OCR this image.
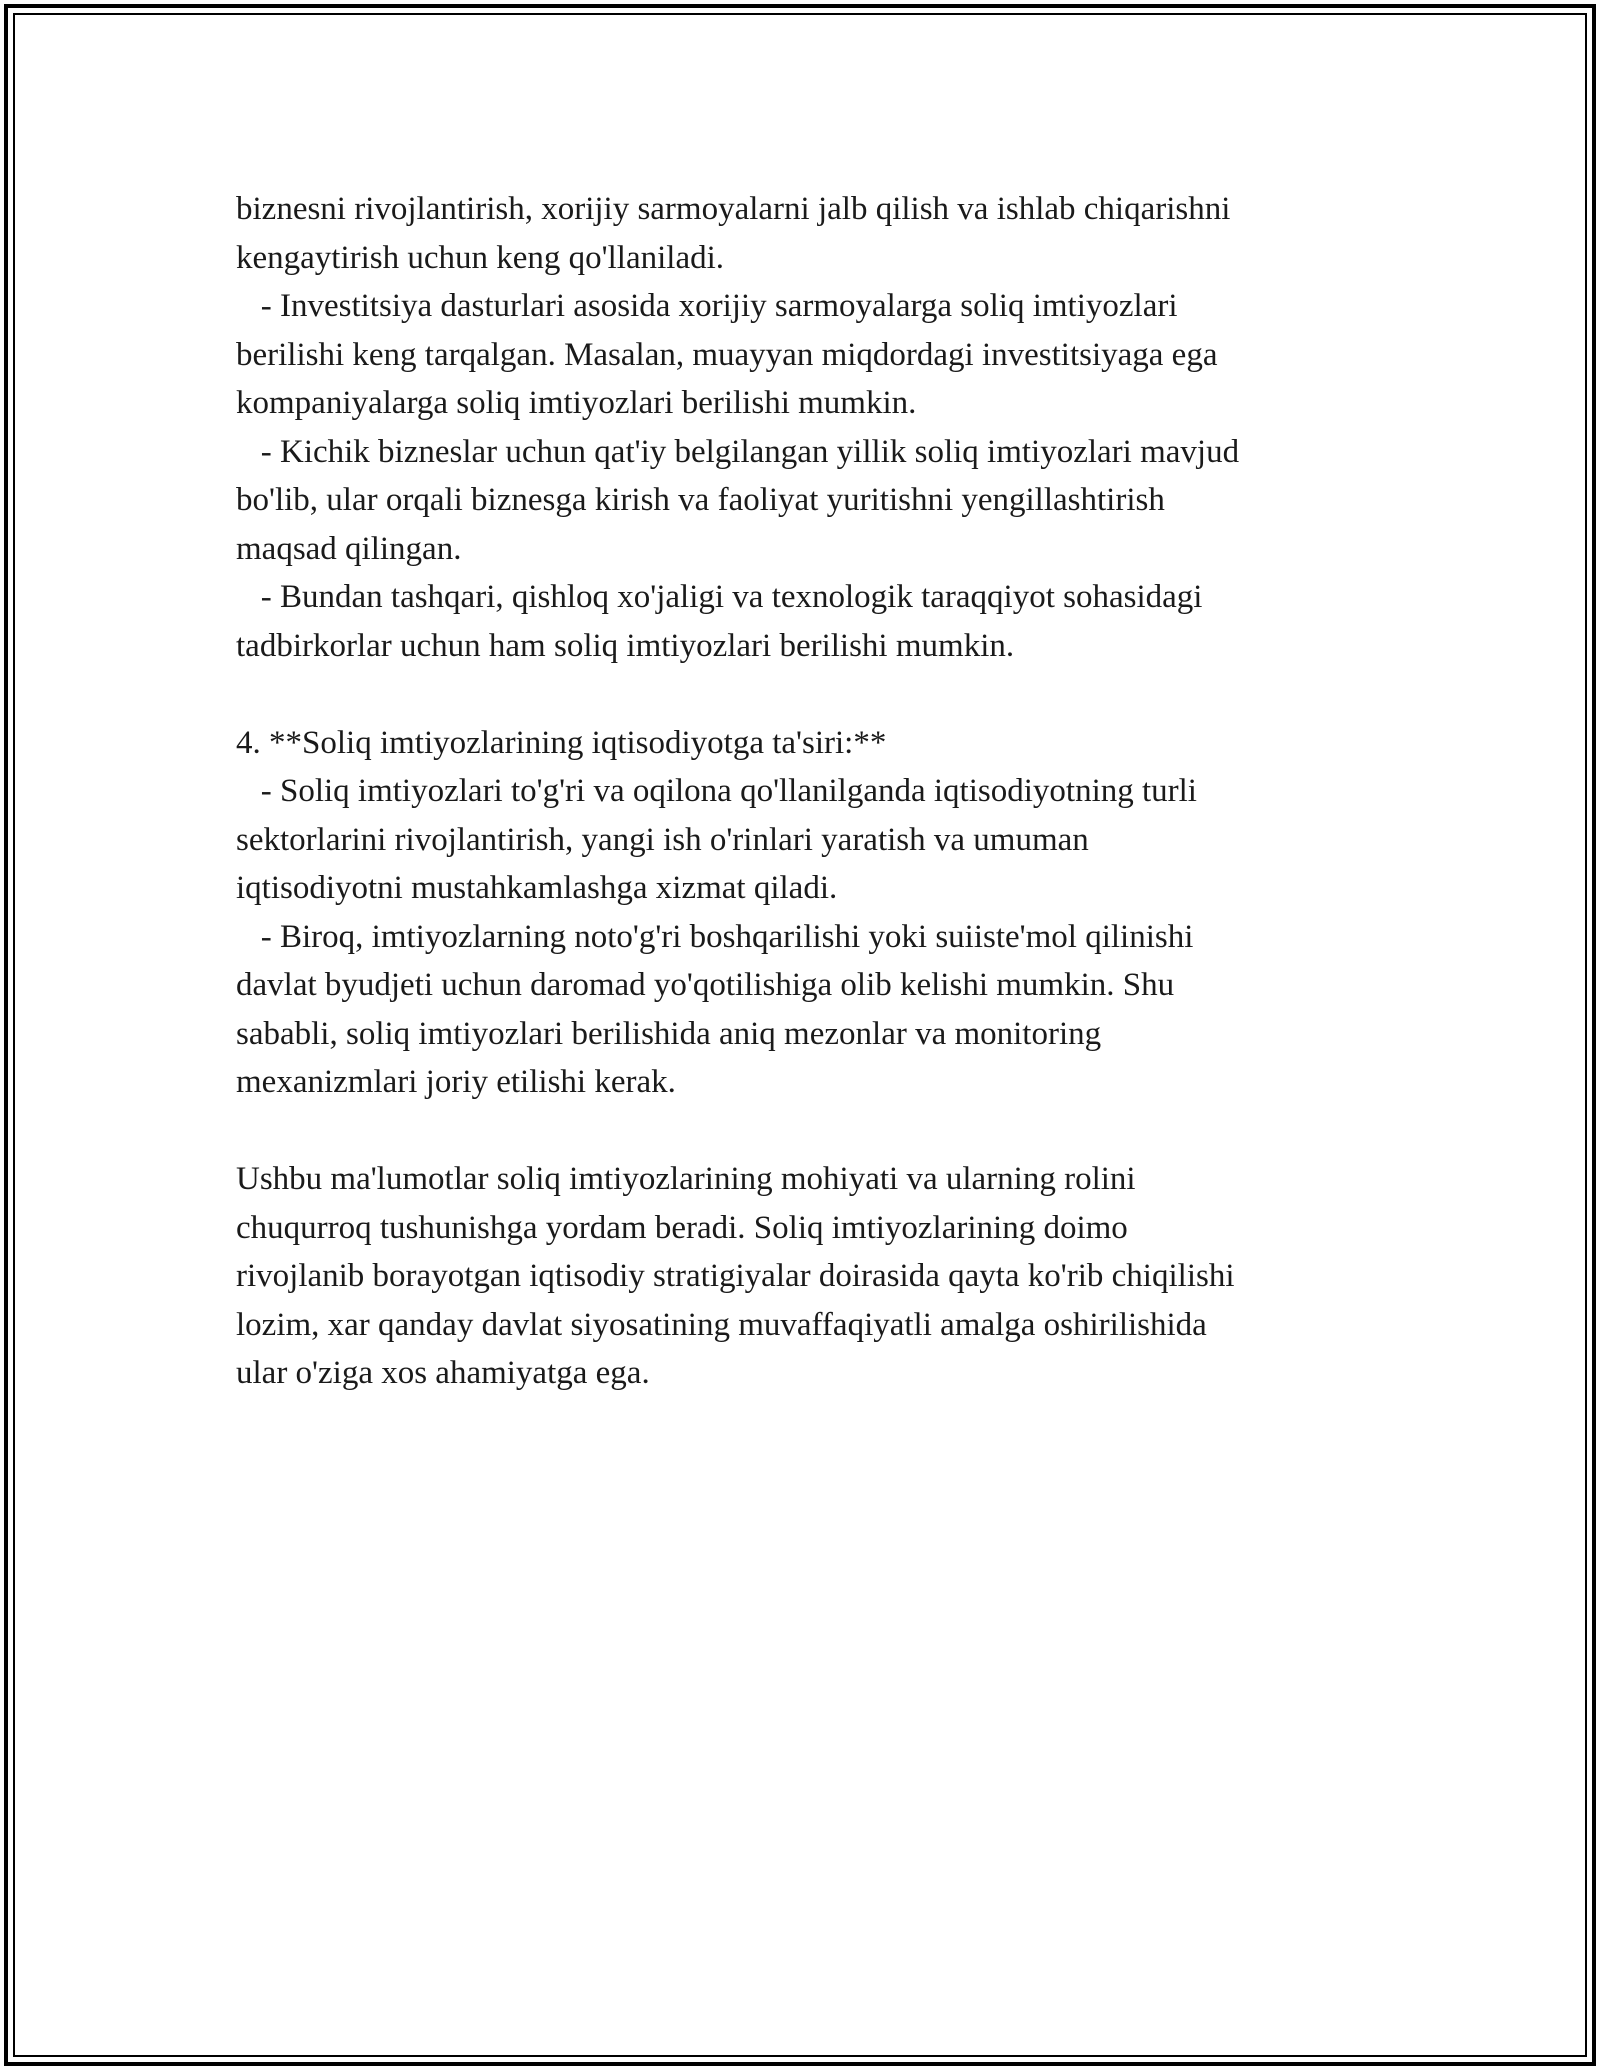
biznesni rivojlantirish, xorijiy sarmoyalarni jalb qilish va ishlab chiqarishni

kengaytirish uchun keng qo'llaniladi.

- Investitsiya dasturlari asosida xorijiy sarmoyalarga soliq imtiyozlari

berilishi keng tarqalgan. Masalan, muayyan miqdordagi investitsiyaga ega

kompaniyalarga soliq imtiyozlari berilishi mumkin.

- Kichik bizneslar uchun qat'iy belgilangan yillik soliq imtiyozlari mavjud

bo'lib, ular orqali biznesga kirish va faoliyat yuritishni yengillashtirish

maqsad qilingan.

- Bundan tashqari, qishloq xo'jaligi va texnologik taraqqiyot sohasidagi

tadbirkorlar uchun ham soliq imtiyozlari berilishi mumkin.

4. **Soliq imtiyozlarining iqtisodiyotga ta'siri:**

- Soliq imtiyozlari to'g'ri va oqilona qo'llanilganda iqtisodiyotning turli

sektorlarini rivojlantirish, yangi ish o'rinlari yaratish va umuman

iqtisodiyotni mustahkamlashga xizmat qiladi.

- Biroq, imtiyozlarning noto'g'ri boshqarilishi yoki suiiste'mol qilinishi

davlat byudjeti uchun daromad yo'qotilishiga olib kelishi mumkin. Shu

sababli, soliq imtiyozlari berilishida aniq mezonlar va monitoring

mexanizmlari joriy etilishi kerak.

Ushbu ma'lumotlar soliq imtiyozlarining mohiyati va ularning rolini

chuqurroq tushunishga yordam beradi. Soliq imtiyozlarining doimo

rivojlanib borayotgan iqtisodiy stratigiyalar doirasida qayta ko'rib chiqilishi

lozim, xar qanday davlat siyosatining muvaffaqiyatli amalga oshirilishida

ular o'ziga xos ahamiyatga ega.
